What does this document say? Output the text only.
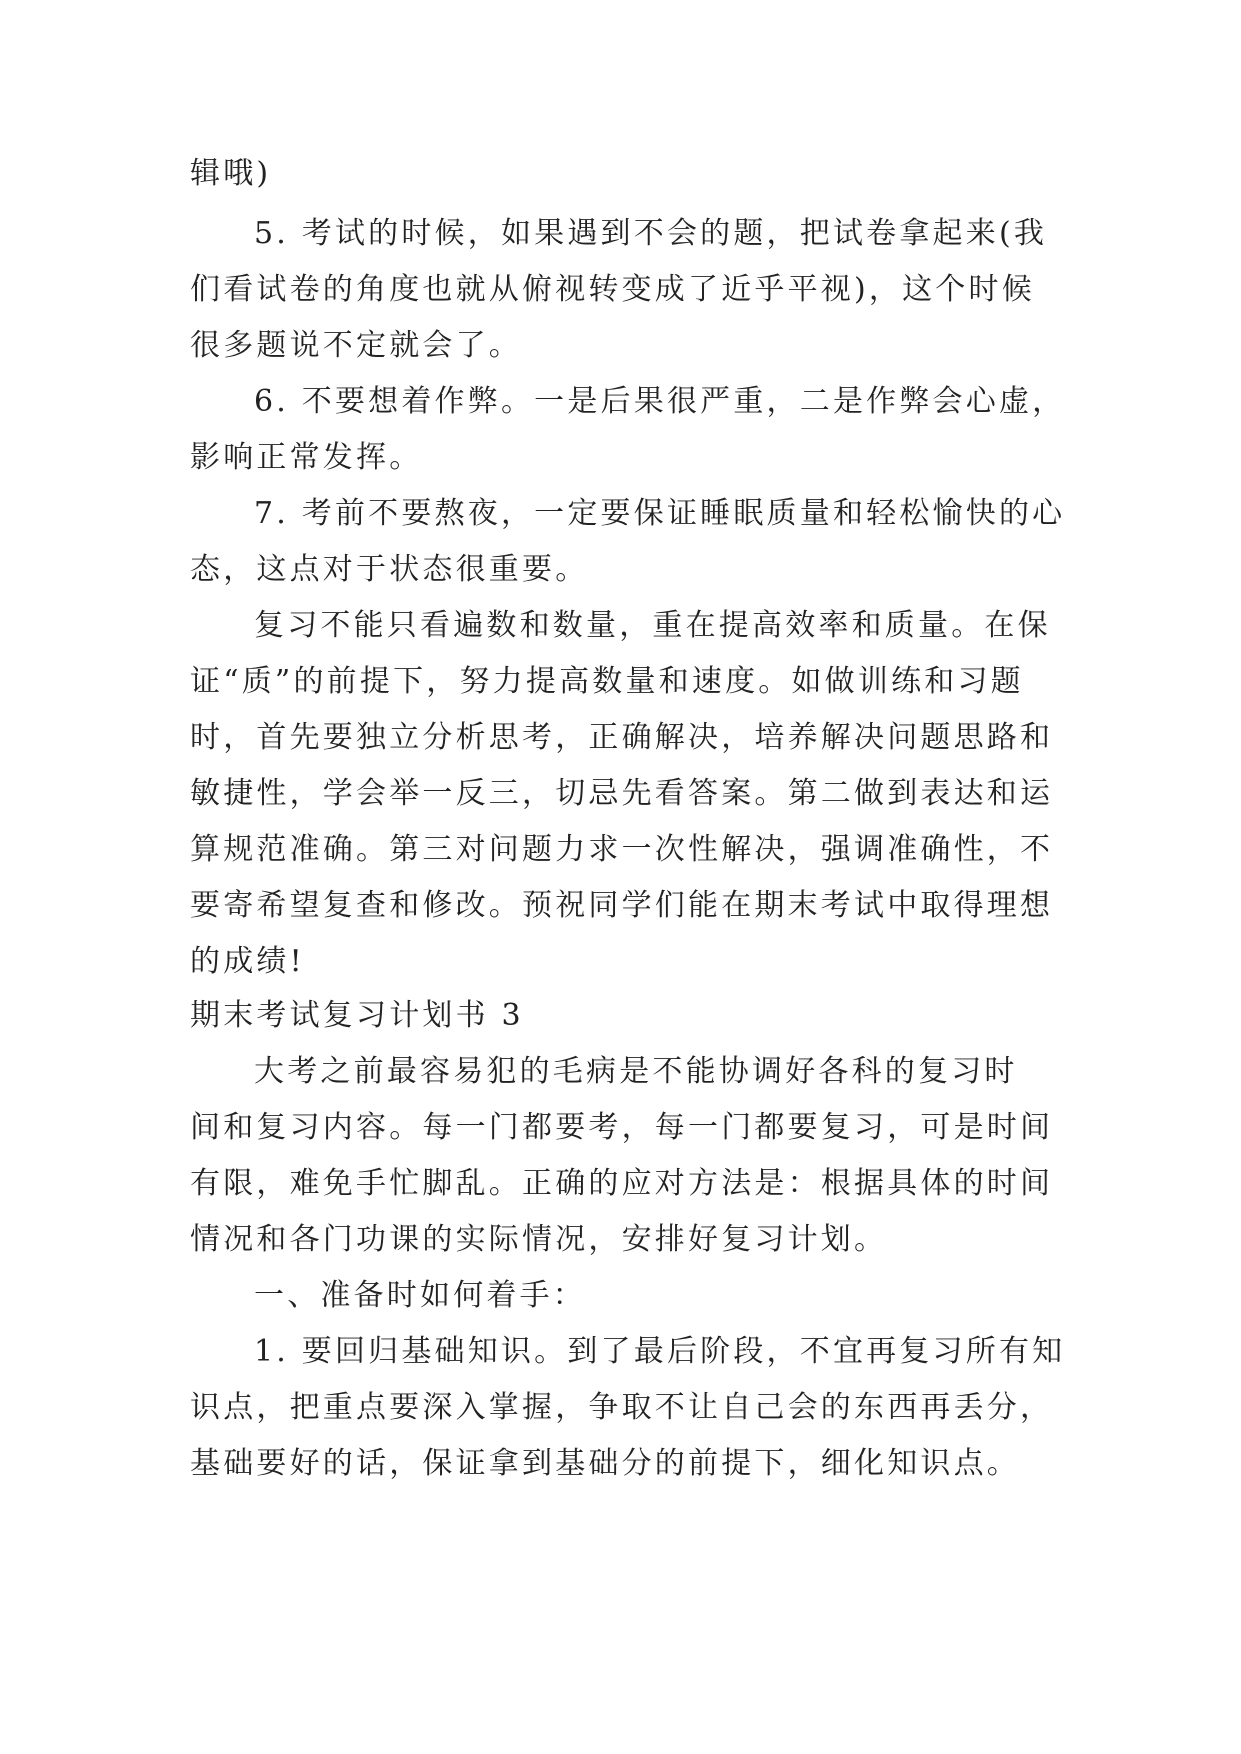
辑哦)
5. 考试的时候，如果遇到不会的题，把试卷拿起来(我
们看试卷的角度也就从俯视转变成了近乎平视)，这个时候
很多题说不定就会了。
6. 不要想着作弊。一是后果很严重，二是作弊会心虚，
影响正常发挥。
7. 考前不要熬夜，一定要保证睡眠质量和轻松愉快的心
态，这点对于状态很重要。
复习不能只看遍数和数量，重在提高效率和质量。在保
证“质”的前提下，努力提高数量和速度。如做训练和习题
时，首先要独立分析思考，正确解决，培养解决问题思路和
敏捷性，学会举一反三，切忌先看答案。第二做到表达和运
算规范准确。第三对问题力求一次性解决，强调准确性，不
要寄希望复查和修改。预祝同学们能在期末考试中取得理想
的成绩!
期末考试复习计划书 3
大考之前最容易犯的毛病是不能协调好各科的复习时
间和复习内容。每一门都要考，每一门都要复习，可是时间
有限，难免手忙脚乱。正确的应对方法是：根据具体的时间
情况和各门功课的实际情况，安排好复习计划。
一、准备时如何着手：
1. 要回归基础知识。到了最后阶段，不宜再复习所有知
识点，把重点要深入掌握，争取不让自己会的东西再丢分，
基础要好的话，保证拿到基础分的前提下，细化知识点。
